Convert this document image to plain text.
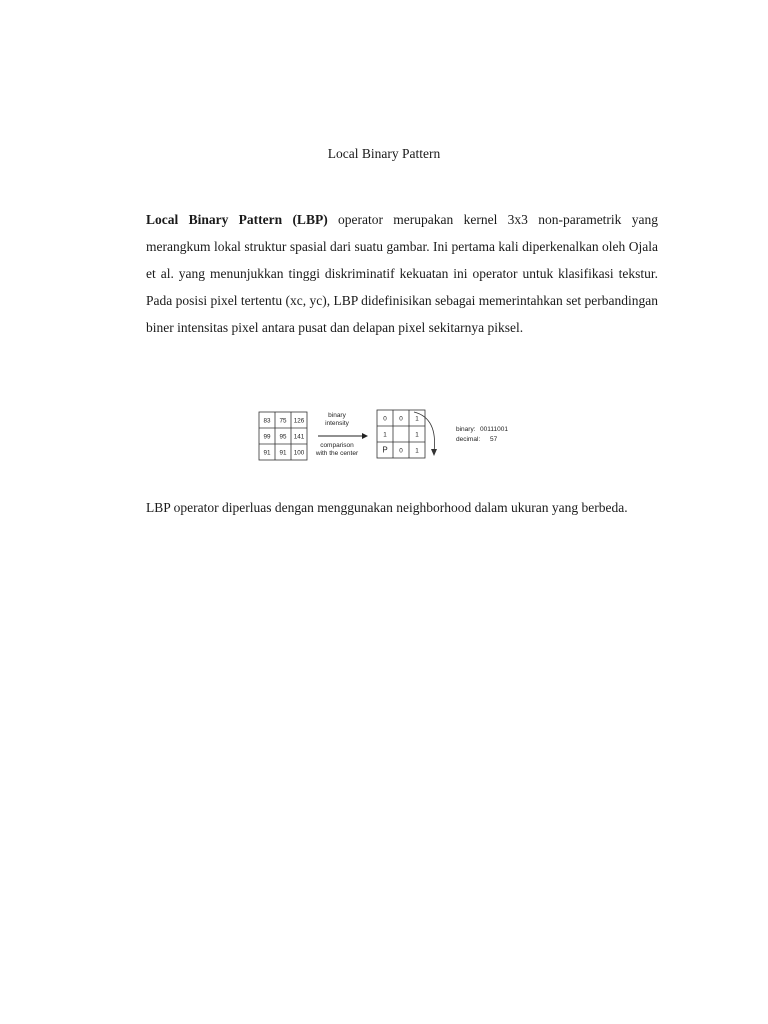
Local Binary Pattern

Local Binary Pattern (LBP) operator merupakan kernel 3x3 non-parametrik yang merangkum lokal struktur spasial dari suatu gambar. Ini pertama kali diperkenalkan oleh Ojala et al. yang menunjukkan tinggi diskriminatif kekuatan ini operator untuk klasifikasi tekstur. Pada posisi pixel tertentu (xc, yc), LBP didefinisikan sebagai memerintahkan set perbandingan biner intensitas pixel antara pusat dan delapan pixel sekitarnya piksel.

83 75 126
99 95 141
91 91 100
binary
intensity
comparison
with the center
0 0 1
1	1
P 0 1
binary: 00111001
decimal: 57

LBP operator diperluas dengan menggunakan neighborhood dalam ukuran yang berbeda.
